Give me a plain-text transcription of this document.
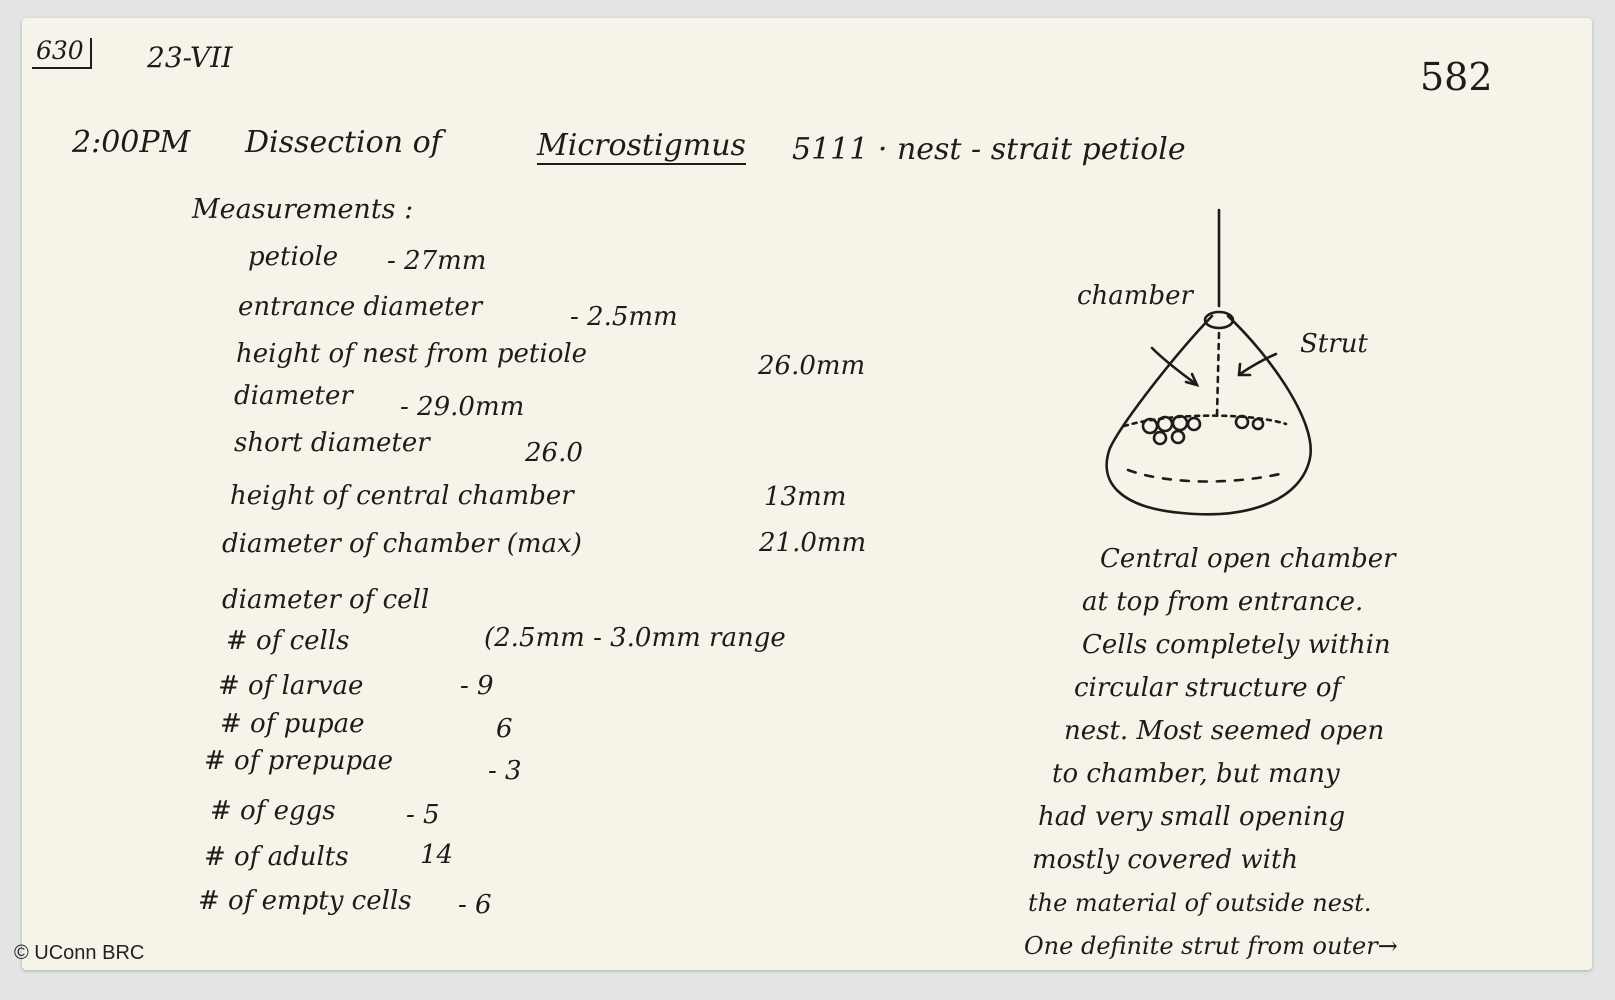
630 23-VII	582
2:00PM Dissection of	Microstigmus 5111 · nest - strait petiole
Measurements :
petiole - 27mm
entrance diameter	- 2.5mm
height of nest from petiole	26.0mm
diameter - 29.0mm
short diameter	26.0
height of central chamber	13mm
diameter of chamber (max)	21.0mm
diameter of cell
# of cells	(2.5mm - 3.0mm range
# of larvae	- 9
# of pupae	6
# of prepupae	- 3
# of eggs	- 5
# of adults	14
# of empty cells - 6
chamber
Strut
Central open chamber
at top from entrance.
Cells completely within
circular structure of
nest. Most seemed open
to chamber, but many
had very small opening
mostly covered with
the material of outside nest.
One definite strut from outer→
© UConn BRC
